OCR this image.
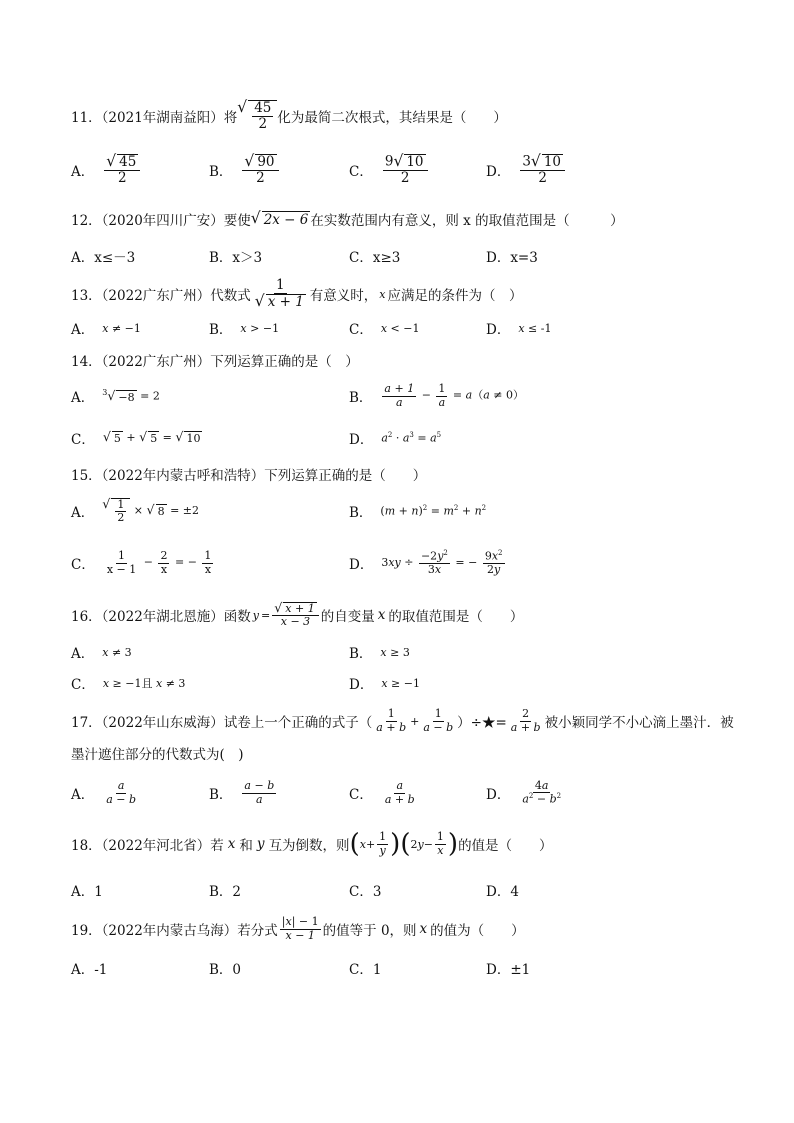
11．（2021年湖南益阳）将
√ $\frac{45}{2}$ 化为最简二次根式，其结果是（　　）
A． $\frac{√ 45}{2}$	B． $\frac{√ 90}{2}$	C． $\frac{9 √ 10}{2}$	D． $\frac{3 √ 10}{2}$
12．（2020年四川广安）要使 √ 2x − 6 在实数范围内有意义，则 x 的取值范围是（　　　）
A．x≤－3	B．x＞3	C．x≥3	D．x=3
13．（2022广东广州）代数式 $\frac{1}{√ x + 1}$ 有意义时， x 应满足的条件为（　）
A． x ≠ −1	B． x > −1	C． x < −1	D． x ≤ -1
14．（2022广东广州）下列运算正确的是（　）
A． $^3$ √ −8 = 2	B． $\frac{a + 1}{a} - \frac{1}{a} = a(a \ne 0)$
C． √ 5 + √ 5 = √ 10	D． $a^2 \cdot a^3 = a^5$
15．（2022年内蒙古呼和浩特）下列运算正确的是（　　）
A．
√ $\frac{1}{2}$ × √ 8 = ±2	B． $(m + n)^2 = m^2 + n^2$
C． $\frac{1}{x - 1} - \frac{2}{x}$ = − $\frac{1}{x}$	D． $3xy \div \frac{-2y^2}{3x}$ = − $\frac{9x^2}{2y}$
16．（2022年湖北恩施）函数 $y = \frac{√ x + 1}{x - 3}$ 的自变量 x 的取值范围是（　　）
A． x ≠ 3	B． x ≥ 3
C． x ≥ −1且 x ≠ 3	D． x ≥ −1
17．（2022年山东威海）试卷上一个正确的式子（ $\frac{1}{a + b} + \frac{1}{a - b}$ ）÷★= $\frac{2}{a + b}$ 被小颖同学不小心滴上墨汁．被
墨汁遮住部分的代数式为(　)
A． $\frac{a}{a - b}$	B． $\frac{a - b}{a}$	C． $\frac{a}{a + b}$	D． $\frac{4a}{a^2 - b^2}$
18．（2022年河北省）若 x 和 y 互为倒数，则 ( $x + \frac{1}{y}$ ) ( 2 $y - \frac{1}{x}$ ) 的值是（　　）
A．1	B．2	C．3	D．4
19．（2022年内蒙古乌海）若分式 $\frac{|x| - 1}{x - 1}$ 的值等于 0，则 x 的值为（　　）
A．-1	B．0	C．1	D．±1
